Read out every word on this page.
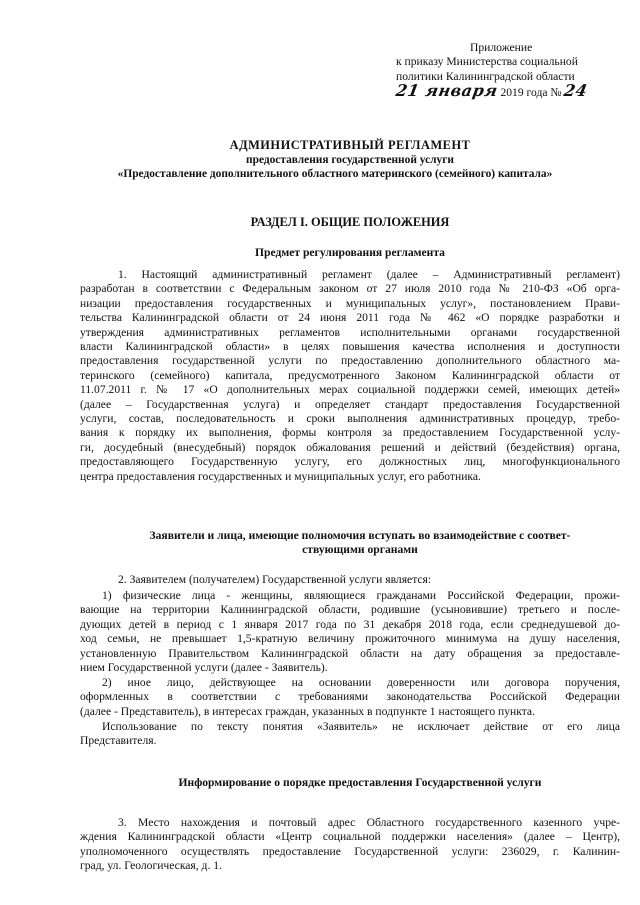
Приложение
к приказу Министерства социальной
политики Калининградской области
21 января 2019 года № 24
АДМИНИСТРАТИВНЫЙ РЕГЛАМЕНТ
предоставления государственной услуги
«Предоставление дополнительного областного материнского (семейного) капитала»
РАЗДЕЛ I. ОБЩИЕ ПОЛОЖЕНИЯ
Предмет регулирования регламента
1. Настоящий административный регламент (далее – Административный регламент)
разработан в соответствии с Федеральным законом от 27 июля 2010 года № 210-ФЗ «Об орга-
низации предоставления государственных и муниципальных услуг», постановлением Прави-
тельства Калининградской области от 24 июня 2011 года № 462 «О порядке разработки и
утверждения административных регламентов исполнительными органами государственной
власти Калининградской области» в целях повышения качества исполнения и доступности
предоставления государственной услуги по предоставлению дополнительного областного ма-
теринского (семейного) капитала, предусмотренного Законом Калининградской области от
11.07.2011 г. № 17 «О дополнительных мерах социальной поддержки семей, имеющих детей»
(далее – Государственная услуга) и определяет стандарт предоставления Государственной
услуги, состав, последовательность и сроки выполнения административных процедур, требо-
вания к порядку их выполнения, формы контроля за предоставлением Государственной услу-
ги, досудебный (внесудебный) порядок обжалования решений и действий (бездействия) органа,
предоставляющего Государственную услугу, его должностных лиц, многофункционального
центра предоставления государственных и муниципальных услуг, его работника.
Заявители и лица, имеющие полномочия вступать во взаимодействие с соответ-
ствующими органами
2. Заявителем (получателем) Государственной услуги является:
1) физические лица - женщины, являющиеся гражданами Российской Федерации, прожи-
вающие на территории Калининградской области, родившие (усыновившие) третьего и после-
дующих детей в период с 1 января 2017 года по 31 декабря 2018 года, если среднедушевой до-
ход семьи, не превышает 1,5-кратную величину прожиточного минимума на душу населения,
установленную Правительством Калининградской области на дату обращения за предоставле-
нием Государственной услуги (далее - Заявитель).
2) иное лицо, действующее на основании доверенности или договора поручения,
оформленных в соответствии с требованиями законодательства Российской Федерации
(далее - Представитель), в интересах граждан, указанных в подпункте 1 настоящего пункта.
Использование по тексту понятия «Заявитель» не исключает действие от его лица
Представителя.
Информирование о порядке предоставления Государственной услуги
3. Место нахождения и почтовый адрес Областного государственного казенного учре-
ждения Калининградской области «Центр социальной поддержки населения» (далее – Центр),
уполномоченного осуществлять предоставление Государственной услуги: 236029, г. Калинин-
град, ул. Геологическая, д. 1.
